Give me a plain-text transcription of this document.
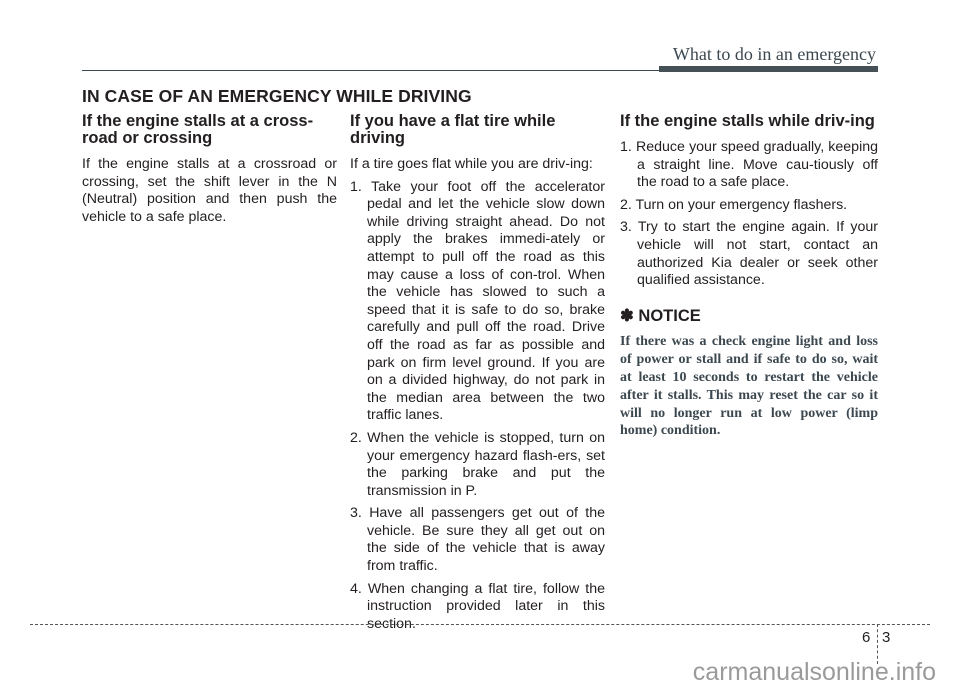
What to do in an emergency
IN CASE OF AN EMERGENCY WHILE DRIVING
If the engine stalls at a cross-road or crossing

If the engine stalls at a crossroad or crossing, set the shift lever in the N (Neutral) position and then push the vehicle to a safe place.

If you have a flat tire while driving

If a tire goes flat while you are driv-ing:

1. Take your foot off the accelerator pedal and let the vehicle slow down while driving straight ahead. Do not apply the brakes immedi-ately or attempt to pull off the road as this may cause a loss of con-trol. When the vehicle has slowed to such a speed that it is safe to do so, brake carefully and pull off the road. Drive off the road as far as possible and park on firm level ground. If you are on a divided highway, do not park in the median area between the two traffic lanes.
2. When the vehicle is stopped, turn on your emergency hazard flash-ers, set the parking brake and put the transmission in P.
3. Have all passengers get out of the vehicle. Be sure they all get out on the side of the vehicle that is away from traffic.
4. When changing a flat tire, follow the instruction provided later in this section.
If the engine stalls while driv-ing
1. Reduce your speed gradually, keeping a straight line. Move cau-tiously off the road to a safe place.
2. Turn on your emergency flashers.
3. Try to start the engine again. If your vehicle will not start, contact an authorized Kia dealer or seek other qualified assistance.
✽ NOTICE
If there was a check engine light and loss of power or stall and if safe to do so, wait at least 10 seconds to restart the vehicle after it stalls. This may reset the car so it will no longer run at low power (limp home) condition.
6 3
carmanualsonline.info
